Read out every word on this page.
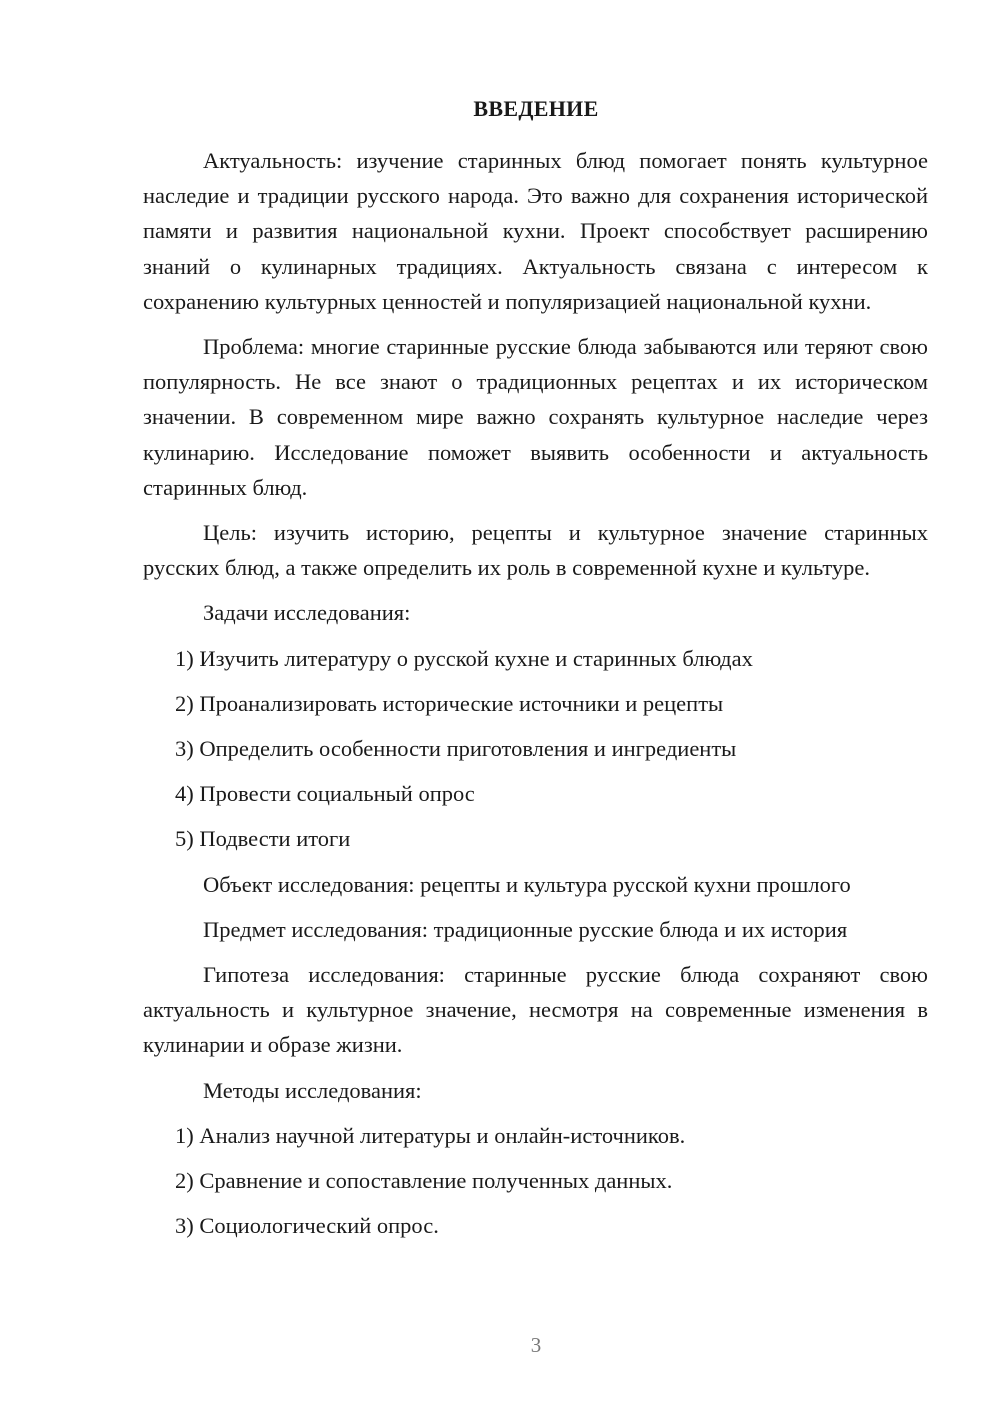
ВВЕДЕНИЕ

Актуальность: изучение старинных блюд помогает понять культурное наследие и традиции русского народа. Это важно для сохранения исторической памяти и развития национальной кухни. Проект способствует расширению знаний о кулинарных традициях. Актуальность связана с интересом к сохранению культурных ценностей и популяризацией национальной кухни.

Проблема: многие старинные русские блюда забываются или теряют свою популярность. Не все знают о традиционных рецептах и их историческом значении. В современном мире важно сохранять культурное наследие через кулинарию. Исследование поможет выявить особенности и актуальность старинных блюд.

Цель: изучить историю, рецепты и культурное значение старинных русских блюд, а также определить их роль в современной кухне и культуре.

Задачи исследования:
1) Изучить литературу о русской кухне и старинных блюдах
2) Проанализировать исторические источники и рецепты
3) Определить особенности приготовления и ингредиенты
4) Провести социальный опрос
5) Подвести итоги
Объект исследования: рецепты и культура русской кухни прошлого
Предмет исследования: традиционные русские блюда и их история

Гипотеза исследования: старинные русские блюда сохраняют свою актуальность и культурное значение, несмотря на современные изменения в кулинарии и образе жизни.

Методы исследования:
1) Анализ научной литературы и онлайн-источников.
2) Сравнение и сопоставление полученных данных.
3) Социологический опрос.
3
